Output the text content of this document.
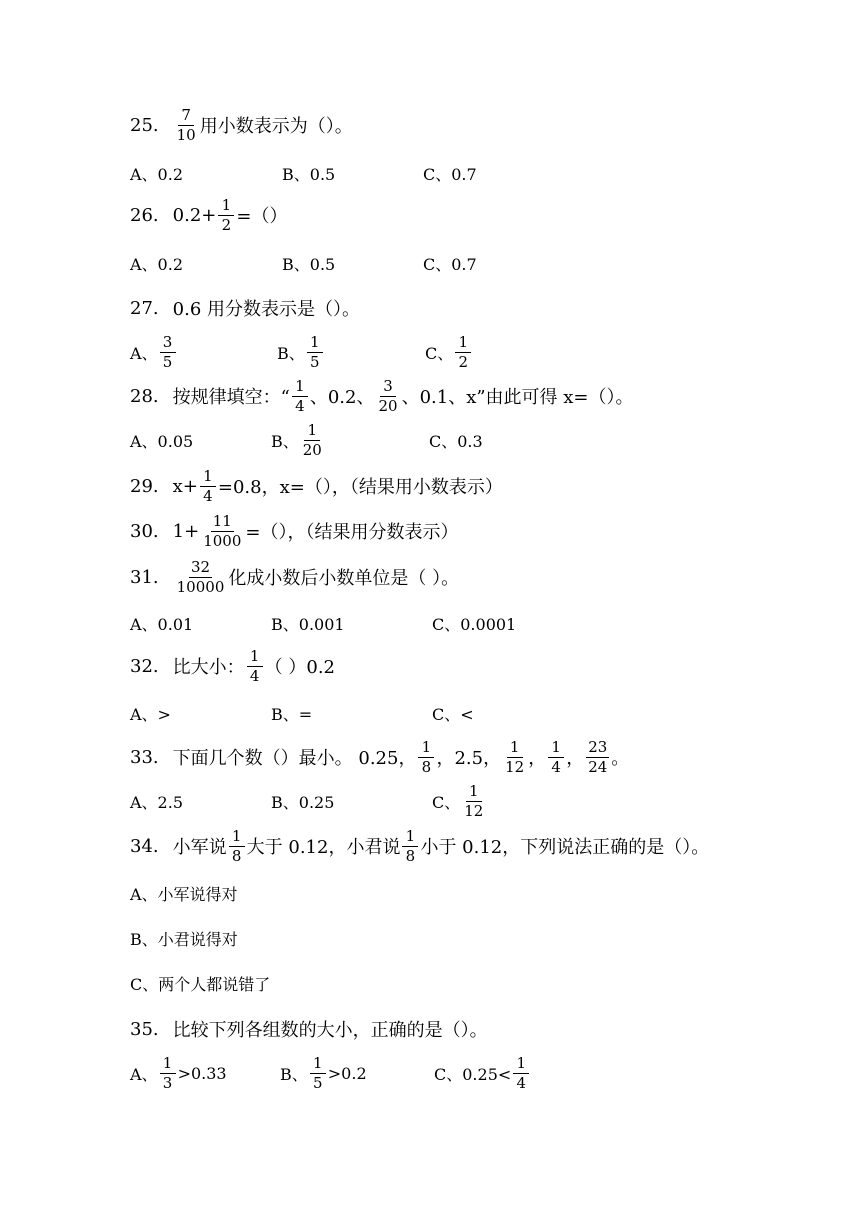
25. $\frac{7}{10}$ 用小数表示为（）。
A、0.2	B、0.5	C、0.7
26. $0.2+ \frac{1}{2}$ =（）
A、0.2	B、0.5	C、0.7
27. 0.6 用分数表示是（）。
A、 $\frac{3}{5}$	B、 $\frac{1}{5}$	C、 $\frac{1}{2}$
28. 按规律填空：“ $\frac{1}{4}$ 、0.2、 $\frac{3}{20}$ 、0.1、x”由此可得 x=（）。
A、0.05	B、 $\frac{1}{20}$	C、0.3
29. $x+ \frac{1}{4} =0.8$，x=（），（结果用小数表示）
30. $1+ \frac{11}{1000}$ =（），（结果用分数表示）
31. $\frac{32}{10000}$ 化成小数后小数单位是（ ）。
A、0.01	B、0.001	C、0.0001
32. 比大小： $\frac{1}{4}$ （ ）0.2
A、>	B、=	C、<
33. 下面几个数（）最小。 0.25， $\frac{1}{8}$ ，2.5， $\frac{1}{12}$ ， $\frac{1}{4}$ ， $\frac{23}{24}$ 。
A、2.5	B、0.25	C、 $\frac{1}{12}$
34. 小军说 $\frac{1}{8}$ 大于 0.12，小君说 $\frac{1}{8}$ 小于 0.12，下列说法正确的是（）。
A、小军说得对
B、小君说得对
C、两个人都说错了
35. 比较下列各组数的大小，正确的是（）。
A、 $\frac{1}{3} >0.33$	B、 $\frac{1}{5} >0.2$	C、$0.25< \frac{1}{4}$
